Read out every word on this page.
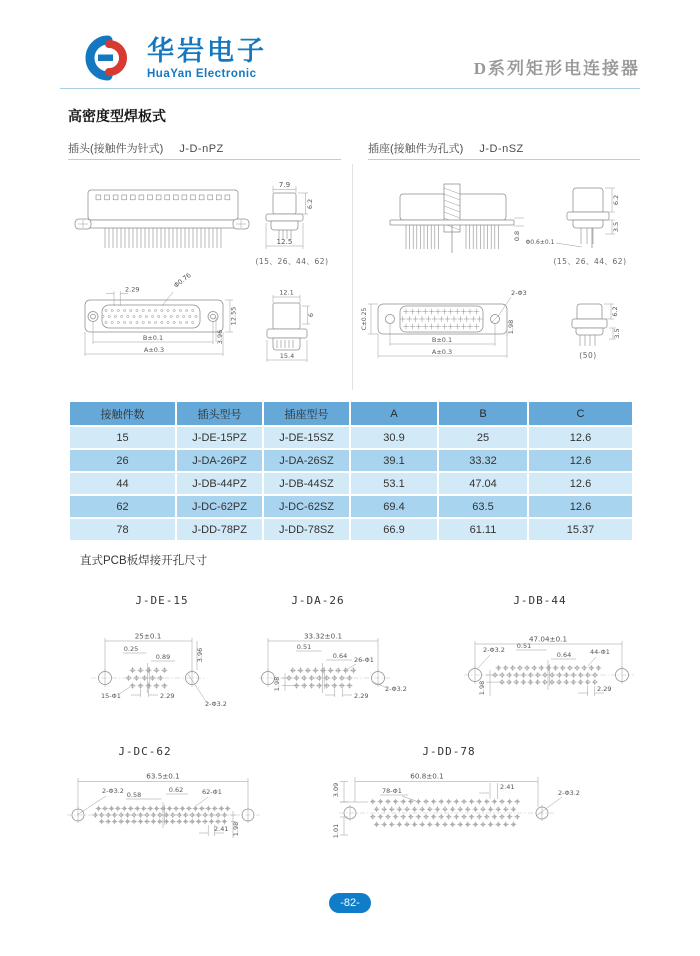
华岩电子
HuaYan Electronic	D系列矩形电连接器
高密度型焊板式
插头(接触件为针式) J-D-nPZ	插座(接触件为孔式) J-D-nSZ
7.9
6.2
12.5
(15、26、44、62)
0.8
6.2
3.5
Φ0.6±0.1
(15、26、44、62)
2.29	Φ0.76
12.55
3.96
B±0.1
A±0.3
12.1
6
15.4
2-Φ3
C±0.25	1.98
B±0.1
A±0.3
6.2
3.5
(50)
接触件数	插头型号	插座型号	A	B	C
15	J-DE-15PZ	J-DE-15SZ	30.9	25	12.6
26	J-DA-26PZ	J-DA-26SZ	39.1	33.32	12.6
44	J-DB-44PZ	J-DB-44SZ	53.1	47.04	12.6
62	J-DC-62PZ	J-DC-62SZ	69.4	63.5	12.6
78	J-DD-78PZ	J-DD-78SZ	66.9	61.11	15.37
直式PCB板焊接开孔尺寸
J-DE-15	J-DA-26	J-DB-44
J-DC-62	J-DD-78
25±0.1
0.25
0.89	3.96
15-Φ1	2.29
2-Φ3.2
33.32±0.1
0.51
0.64 26-Φ1
1.98
2.29
2-Φ3.2
47.04±0.1
2-Φ3.2 0.51
0.64	44-Φ1
1.98	2.29
63.5±0.1
2-Φ3.2 0.58
0.62	62-Φ1
2.41 1.98
60.8±0.1
3.09	78-Φ1	2.41
2-Φ3.2
1.01
-82-
